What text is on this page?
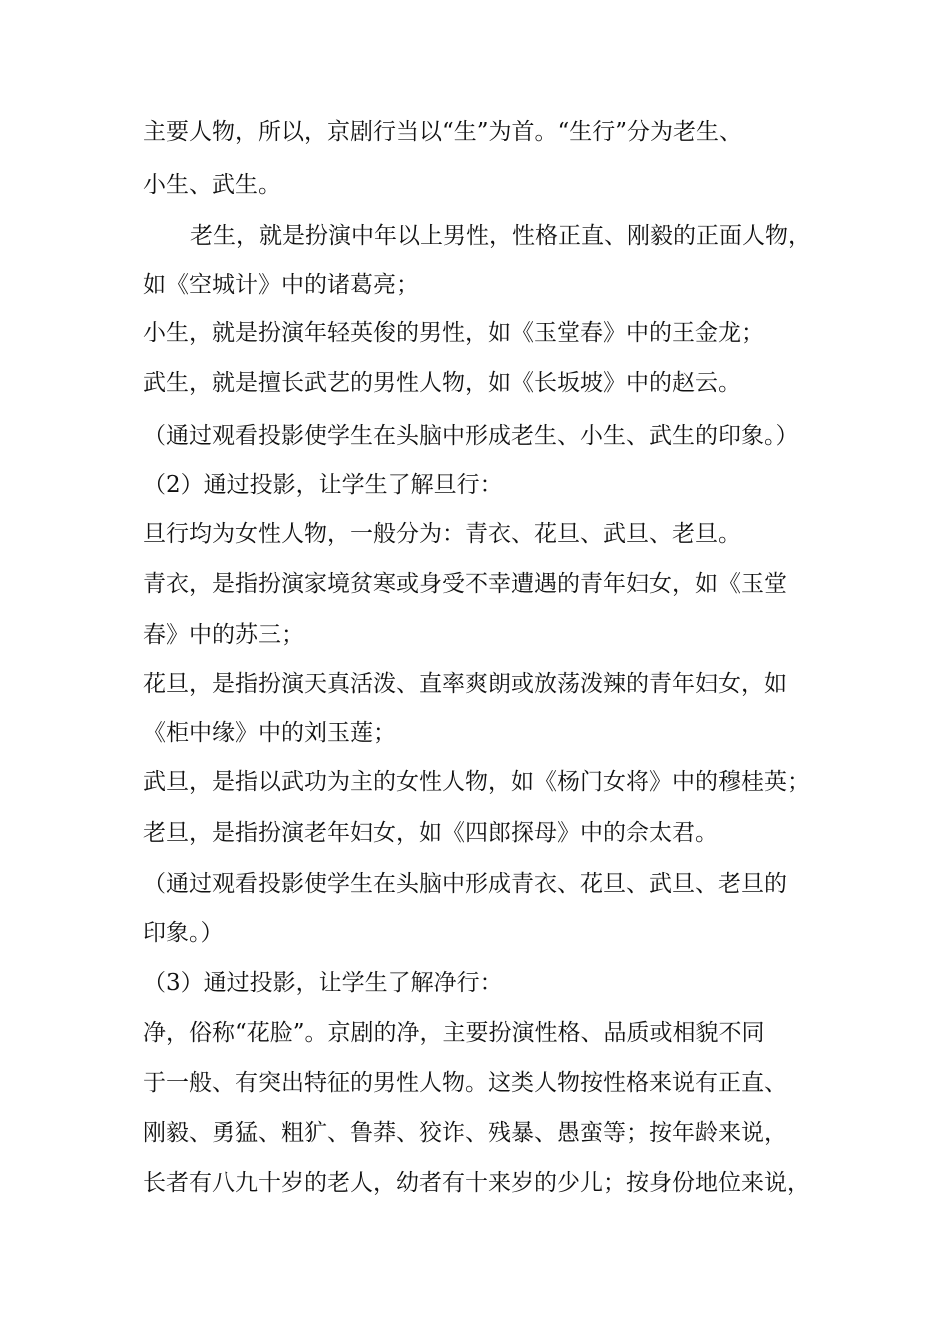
主要人物，所以，京剧行当以“生”为首。“生行”分为老生、
小生、武生。
老生，就是扮演中年以上男性，性格正直、刚毅的正面人物，
如《空城计》中的诸葛亮；
小生，就是扮演年轻英俊的男性，如《玉堂春》中的王金龙；
武生，就是擅长武艺的男性人物，如《长坂坡》中的赵云。
（通过观看投影使学生在头脑中形成老生、小生、武生的印象。）
（2）通过投影，让学生了解旦行：
旦行均为女性人物，一般分为：青衣、花旦、武旦、老旦。
青衣，是指扮演家境贫寒或身受不幸遭遇的青年妇女，如《玉堂
春》中的苏三；
花旦，是指扮演天真活泼、直率爽朗或放荡泼辣的青年妇女，如
《柜中缘》中的刘玉莲；
武旦，是指以武功为主的女性人物，如《杨门女将》中的穆桂英；
老旦，是指扮演老年妇女，如《四郎探母》中的佘太君。
（通过观看投影使学生在头脑中形成青衣、花旦、武旦、老旦的
印象。）
（3）通过投影，让学生了解净行：
净，俗称“花脸”。京剧的净，主要扮演性格、品质或相貌不同
于一般、有突出特征的男性人物。这类人物按性格来说有正直、
刚毅、勇猛、粗犷、鲁莽、狡诈、残暴、愚蛮等；按年龄来说，
长者有八九十岁的老人，幼者有十来岁的少儿；按身份地位来说，
